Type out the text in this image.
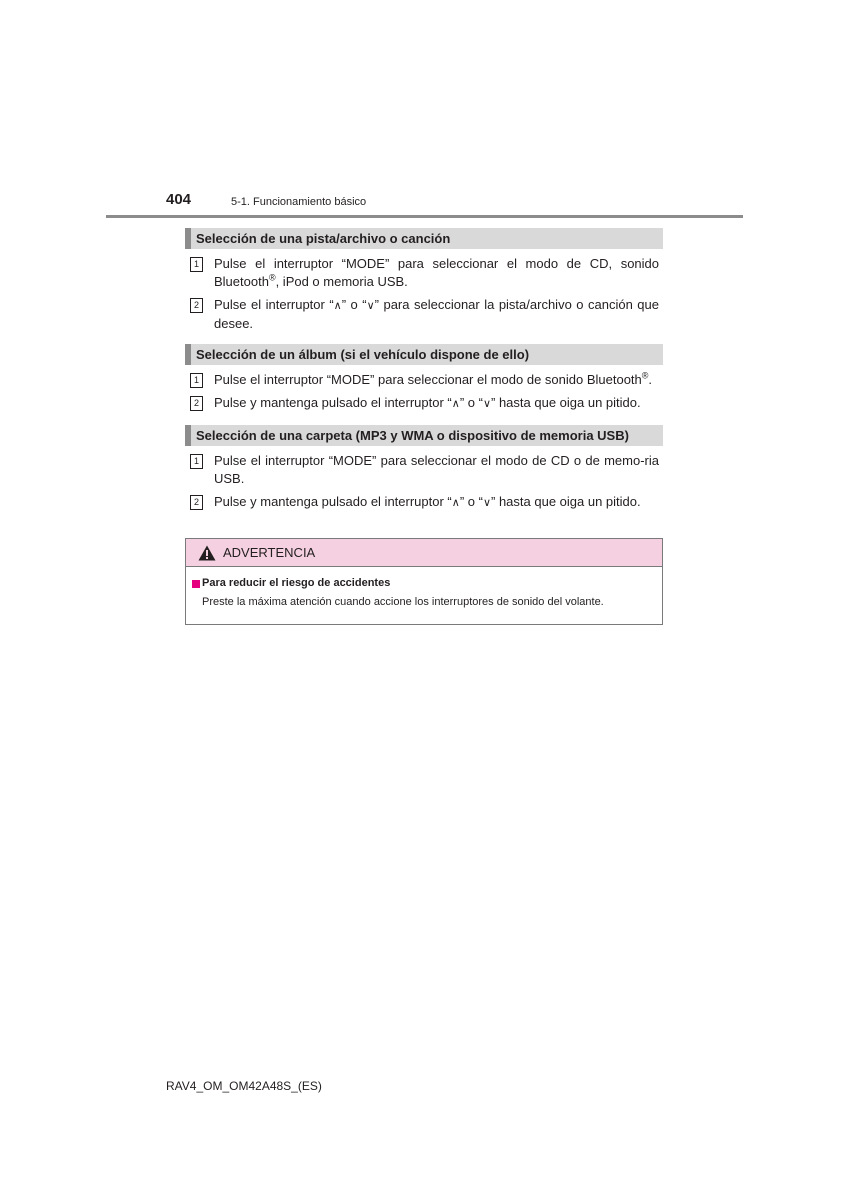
404	5-1. Funcionamiento básico
Selección de una pista/archivo o canción
1	Pulse el interruptor “MODE” para seleccionar el modo de CD, sonido Bluetooth®, iPod o memoria USB.
2	Pulse el interruptor “∧” o “∨” para seleccionar la pista/archivo o canción que desee.
Selección de un álbum (si el vehículo dispone de ello)
1	Pulse el interruptor “MODE” para seleccionar el modo de sonido Bluetooth®.
2	Pulse y mantenga pulsado el interruptor “∧” o “∨” hasta que oiga un pitido.
Selección de una carpeta (MP3 y WMA o dispositivo de memoria USB)
1	Pulse el interruptor “MODE” para seleccionar el modo de CD o de memo-ria USB.
2	Pulse y mantenga pulsado el interruptor “∧” o “∨” hasta que oiga un pitido.
ADVERTENCIA
Para reducir el riesgo de accidentes
Preste la máxima atención cuando accione los interruptores de sonido del volante.
RAV4_OM_OM42A48S_(ES)
